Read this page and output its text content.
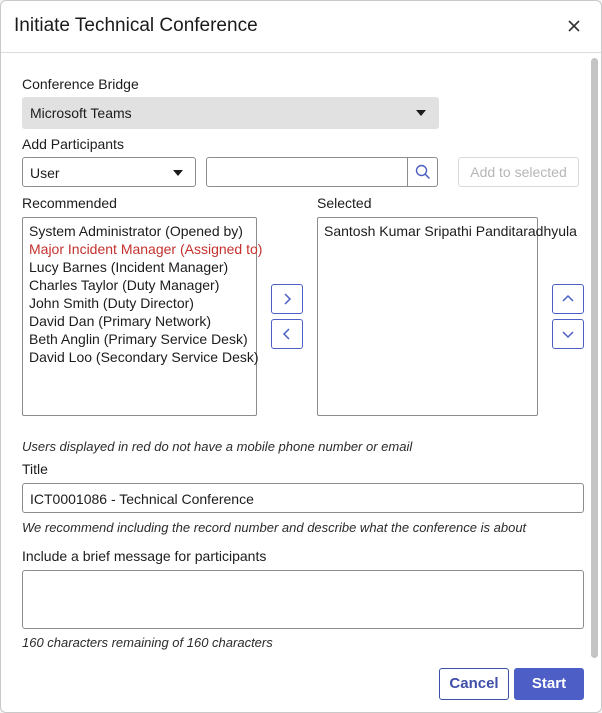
Initiate Technical Conference
Conference Bridge
Microsoft Teams
Add Participants
User	Add to selected
Recommended	Selected
System Administrator (Opened by)
Major Incident Manager (Assigned to)
Lucy Barnes (Incident Manager)
Charles Taylor (Duty Manager)
John Smith (Duty Director)
David Dan (Primary Network)
Beth Anglin (Primary Service Desk)
David Loo (Secondary Service Desk)
Santosh Kumar Sripathi Panditaradhyula
Users displayed in red do not have a mobile phone number or email
Title
ICT0001086 - Technical Conference
We recommend including the record number and describe what the conference is about
Include a brief message for participants
160 characters remaining of 160 characters
Cancel	Start
